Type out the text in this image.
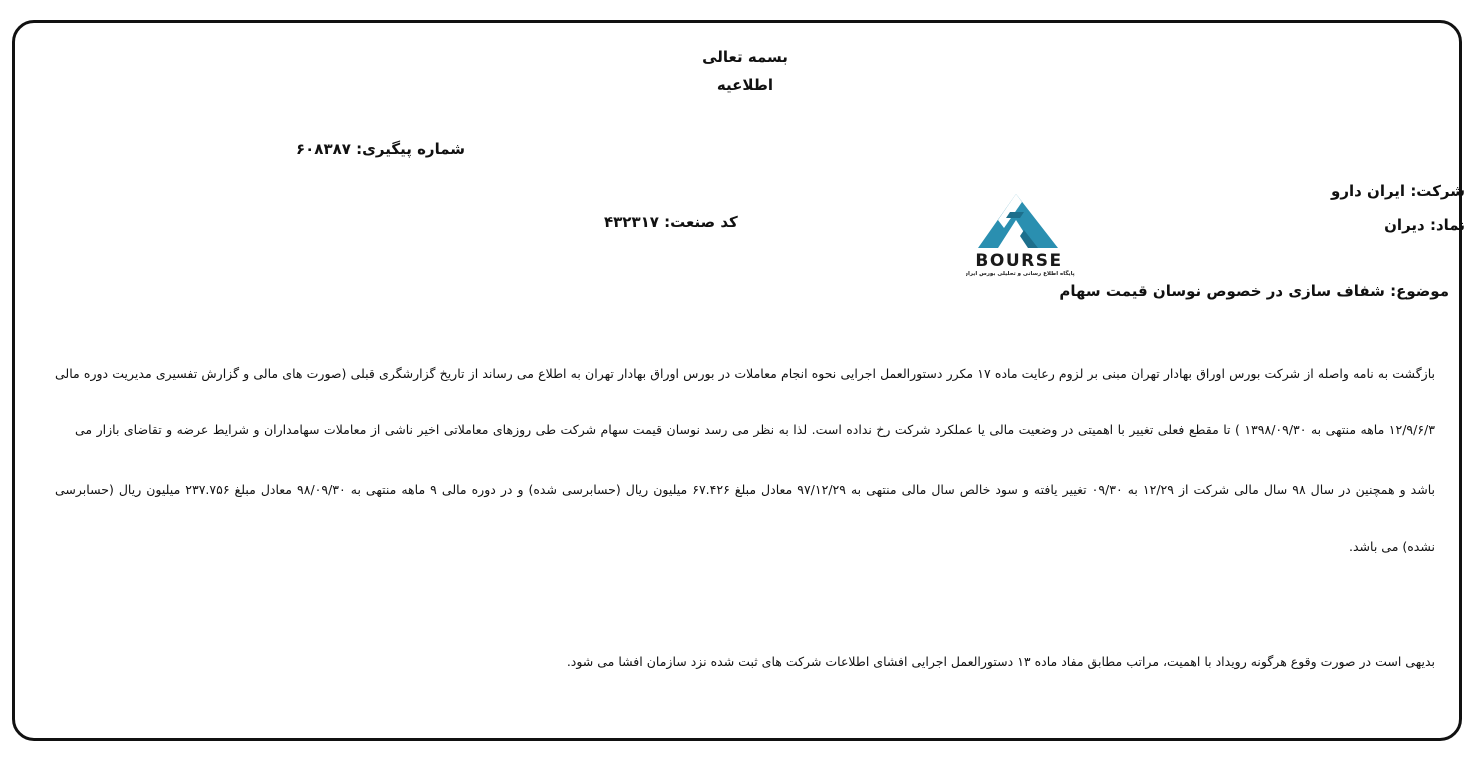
بسمه تعالی
اطلاعیه
شماره پیگیری: ۶۰۸۳۸۷
شرکت: ایران دارو
نماد: دیران
کد صنعت: ۴۳۲۳۱۷
BOURSE
پایگاه اطلاع رسانی و تحلیلی بورس ایران
موضوع: شفاف سازی در خصوص نوسان قیمت سهام
بازگشت به نامه واصله از شرکت بورس اوراق بهادار تهران مبنی بر لزوم رعایت ماده ۱۷ مکرر دستورالعمل اجرایی نحوه انجام معاملات در بورس اوراق بهادار تهران به اطلاع می رساند از تاریخ گزارشگری قبلی (صورت های مالی و گزارش تفسیری مدیریت دوره مالی
۱۲/۹/۶/۳ ماهه منتهی به ۱۳۹۸/۰۹/۳۰ ) تا مقطع فعلی تغییر با اهمیتی در وضعیت مالی یا عملکرد شرکت رخ نداده است. لذا به نظر می رسد نوسان قیمت سهام شرکت طی روزهای معاملاتی اخیر ناشی از معاملات سهامداران و شرایط عرضه و تقاضای بازار می
باشد و همچنین در سال ۹۸ سال مالی شرکت از ۱۲/۲۹ به ۰۹/۳۰ تغییر یافته و سود خالص سال مالی منتهی به ۹۷/۱۲/۲۹ معادل مبلغ ۶۷.۴۲۶ میلیون ریال (حسابرسی شده) و در دوره مالی ۹ ماهه منتهی به ۹۸/۰۹/۳۰ معادل مبلغ ۲۳۷.۷۵۶ میلیون ریال (حسابرسی
نشده) می باشد.
بدیهی است در صورت وقوع هرگونه رویداد با اهمیت، مراتب مطابق مفاد ماده ۱۳ دستورالعمل اجرایی افشای اطلاعات شرکت های ثبت شده نزد سازمان افشا می شود.
